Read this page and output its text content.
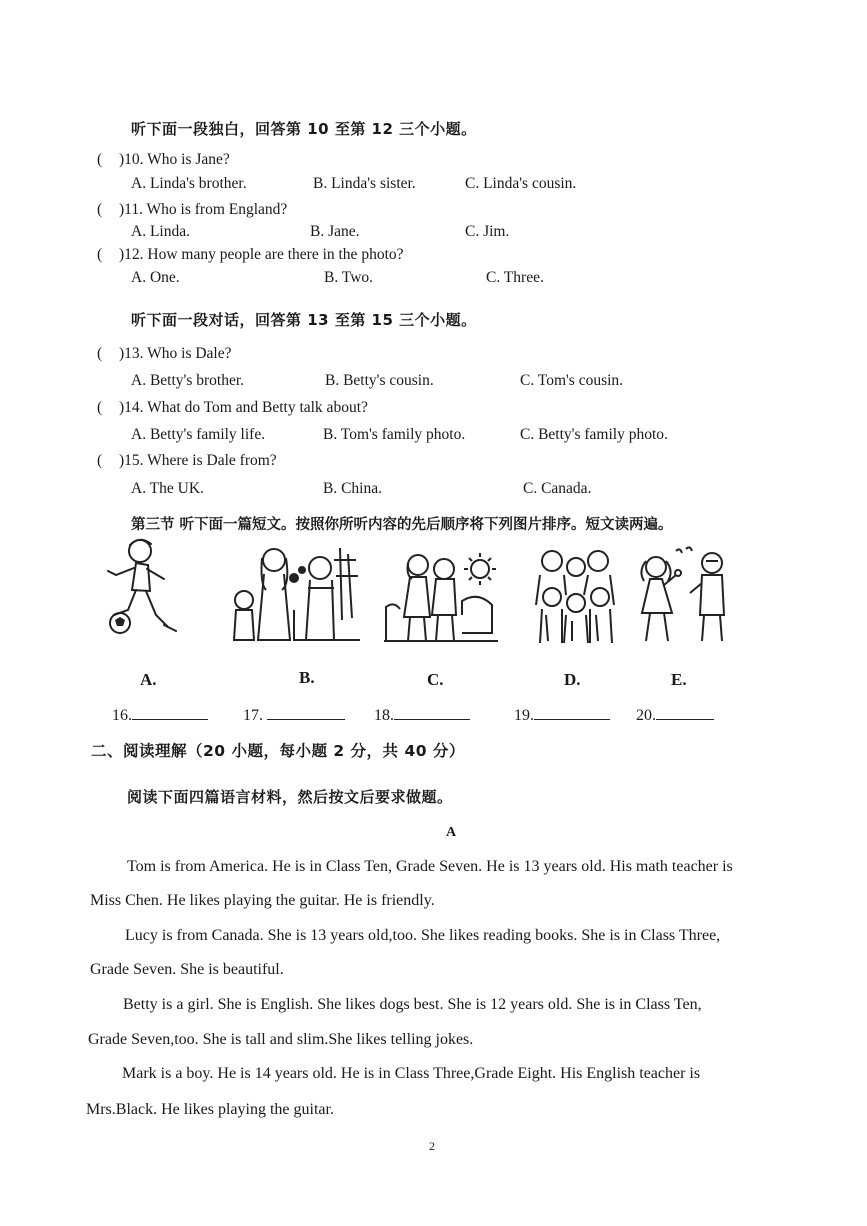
听下面一段独白，回答第 10 至第 12 三个小题。
( )10. Who is Jane?
A. Linda's brother.	B. Linda's sister.	C. Linda's cousin.
( )11. Who is from England?
A. Linda.	B. Jane.	C. Jim.
( )12. How many people are there in the photo?
A. One.	B. Two.	C. Three.
听下面一段对话，回答第 13 至第 15 三个小题。
( )13. Who is Dale?
A. Betty's brother.	B. Betty's cousin.	C. Tom's cousin.
( )14. What do Tom and Betty talk about?
A. Betty's family life.	B. Tom's family photo.	C. Betty's family photo.
( )15. Where is Dale from?
A. The UK.	B. China.	C. Canada.
第三节 听下面一篇短文。按照你所听内容的先后顺序将下列图片排序。短文读两遍。
A.	B.	C.	D.	E.
16.	17.	18.	19.	20.
二、阅读理解（20 小题，每小题 2 分，共 40 分）
阅读下面四篇语言材料，然后按文后要求做题。
A
Tom is from America. He is in Class Ten, Grade Seven. He is 13 years old. His math teacher is
Miss Chen. He likes playing the guitar. He is friendly.
Lucy is from Canada. She is 13 years old,too. She likes reading books. She is in Class Three,
Grade Seven. She is beautiful.
Betty is a girl. She is English. She likes dogs best. She is 12 years old. She is in Class Ten,
Grade Seven,too. She is tall and slim.She likes telling jokes.
Mark is a boy. He is 14 years old. He is in Class Three,Grade Eight. His English teacher is
Mrs.Black. He likes playing the guitar.
2
